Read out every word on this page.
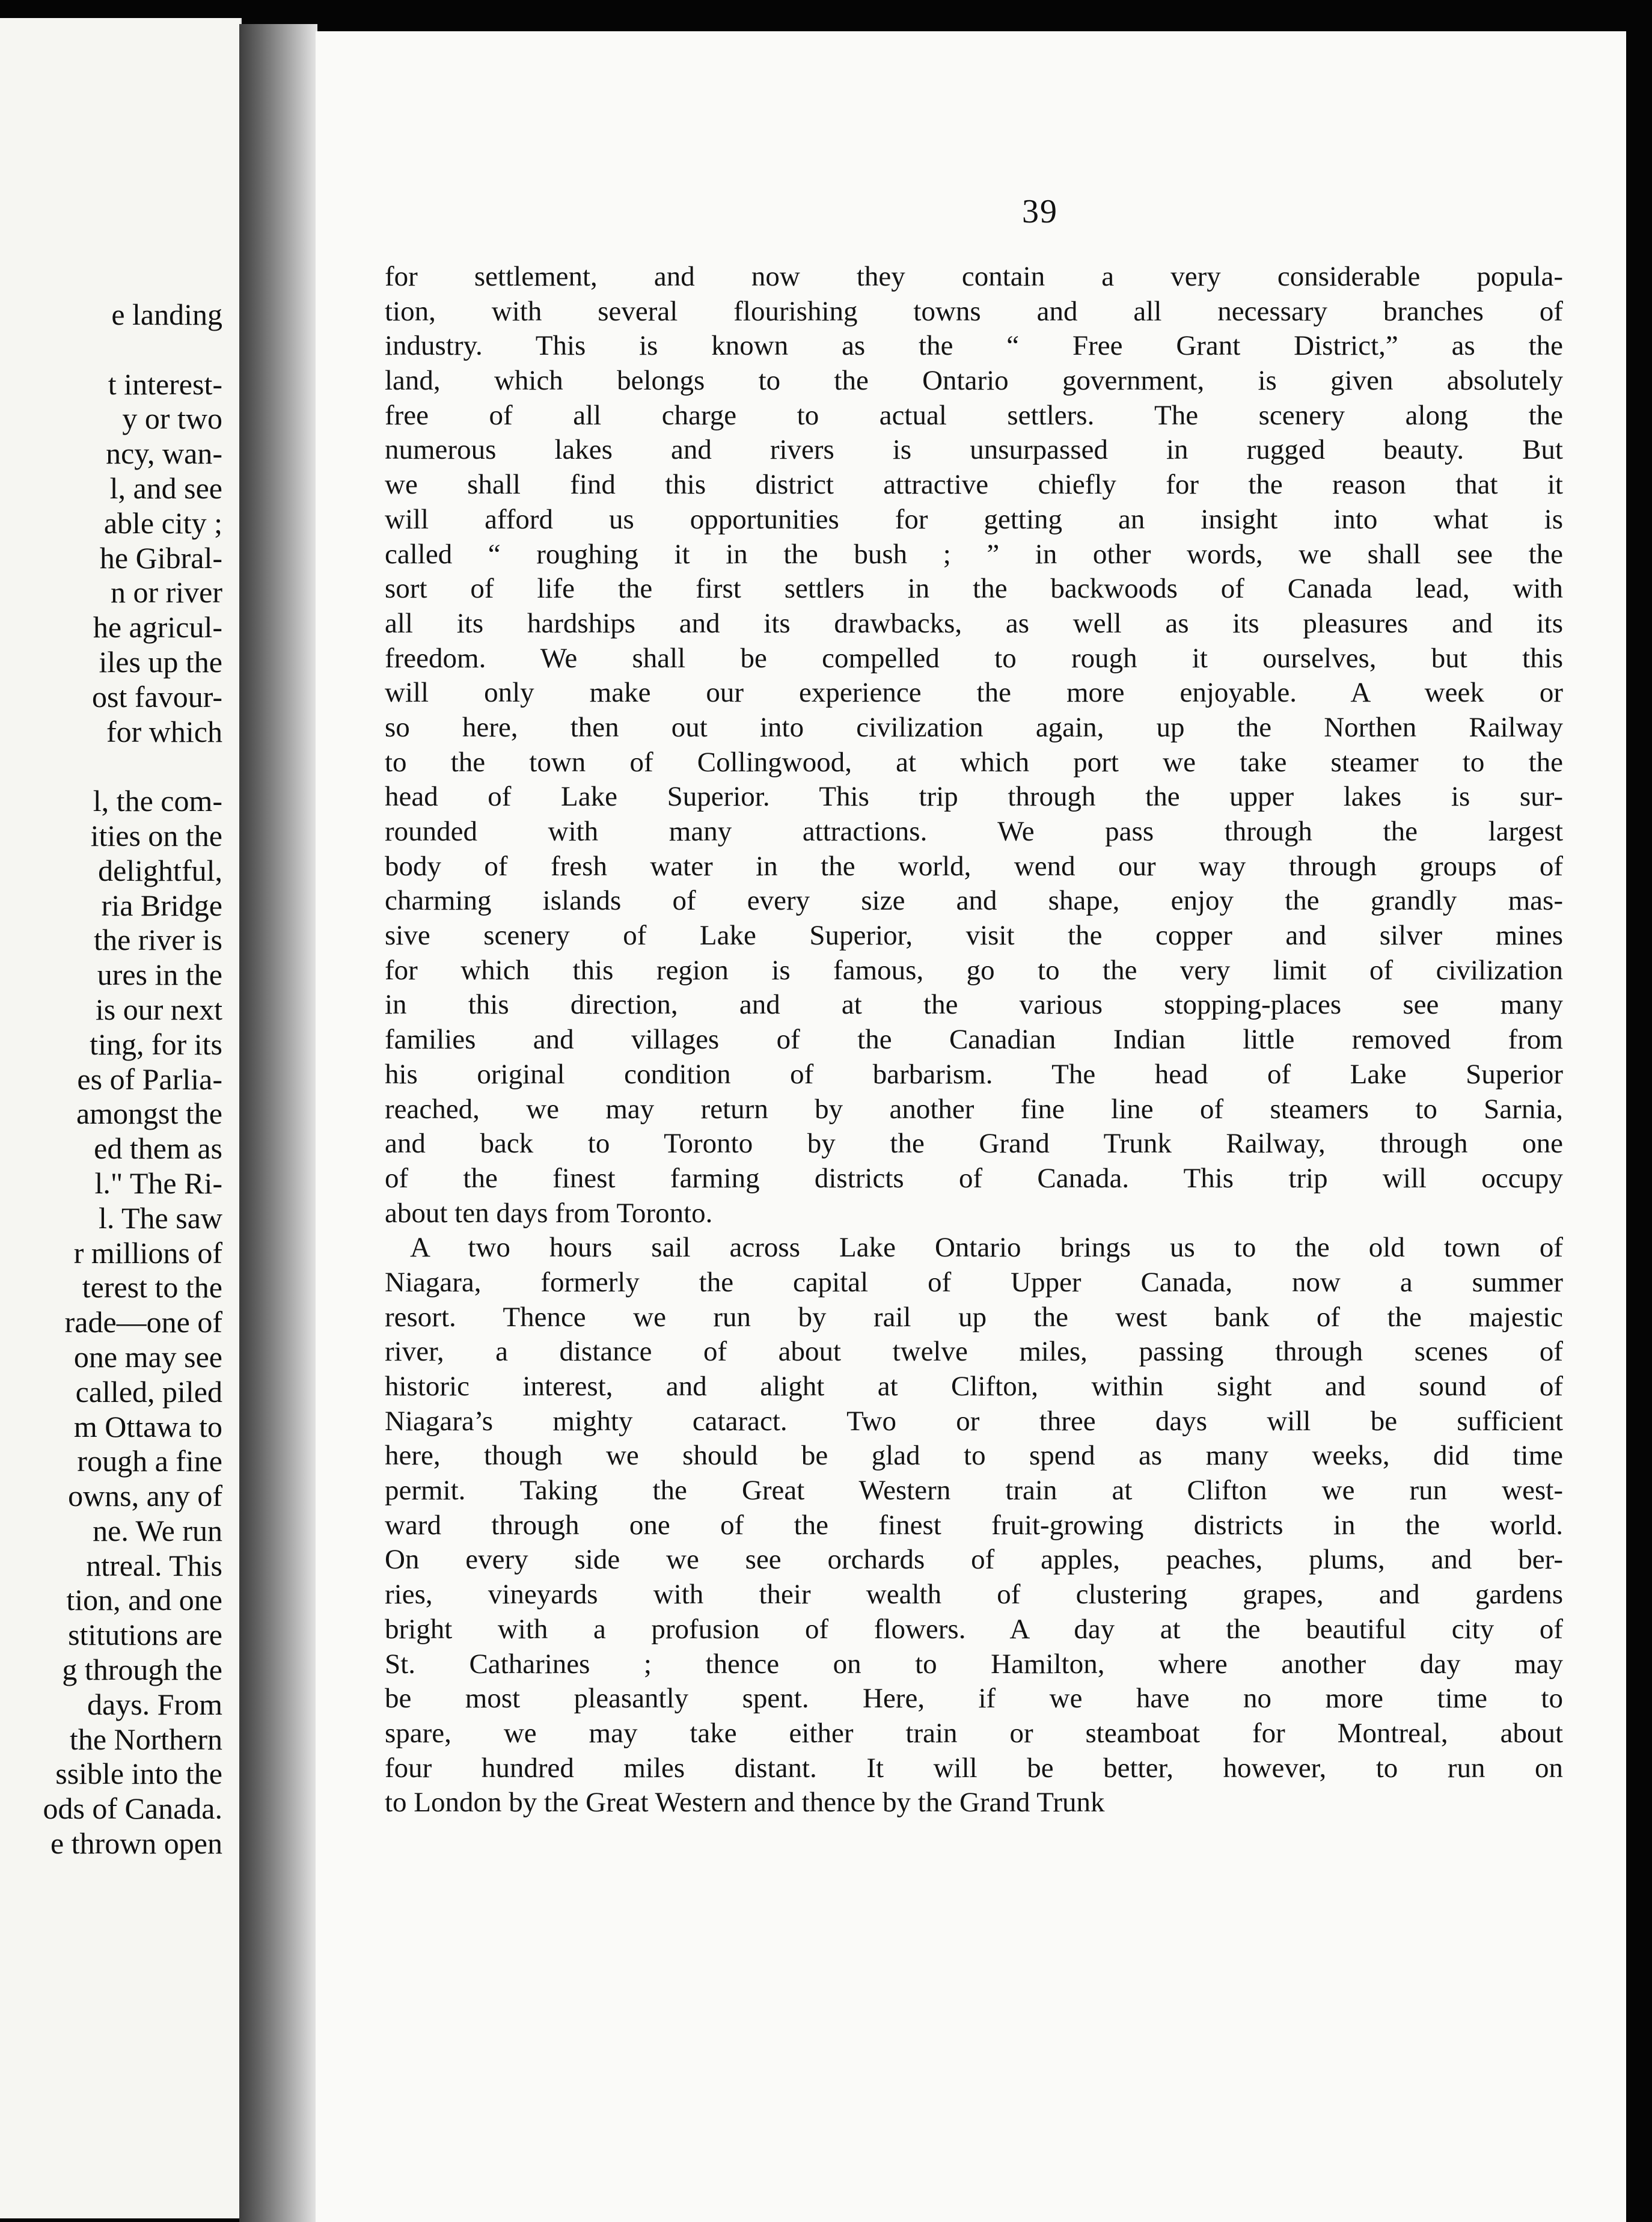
e landing
t interest-
y or two
ncy, wan-
l, and see
able city ;
he Gibral-
n or river
he agricul-
iles up the
ost favour-
for which
l, the com-
ities on the
delightful,
ria Bridge
the river is
ures in the
is our next
ting, for its
es of Parlia-
amongst the
ed them as
l." The Ri-
l. The saw
r millions of
terest to the
rade—one of
one may see
called, piled
m Ottawa to
rough a fine
owns, any of
ne. We run
ntreal. This
tion, and one
stitutions are
g through the
days. From
the Northern
ssible into the
ods of Canada.
e thrown open
39
for settlement, and now they contain a very considerable popula-
tion, with several flourishing towns and all necessary branches of
industry. This is known as the “ Free Grant District,” as the
land, which belongs to the Ontario government, is given absolutely
free of all charge to actual settlers. The scenery along the
numerous lakes and rivers is unsurpassed in rugged beauty. But
we shall find this district attractive chiefly for the reason that it
will afford us opportunities for getting an insight into what is
called “ roughing it in the bush ; ” in other words, we shall see the
sort of life the first settlers in the backwoods of Canada lead, with
all its hardships and its drawbacks, as well as its pleasures and its
freedom. We shall be compelled to rough it ourselves, but this
will only make our experience the more enjoyable. A week or
so here, then out into civilization again, up the Northen Railway
to the town of Collingwood, at which port we take steamer to the
head of Lake Superior. This trip through the upper lakes is sur-
rounded with many attractions. We pass through the largest
body of fresh water in the world, wend our way through groups of
charming islands of every size and shape, enjoy the grandly mas-
sive scenery of Lake Superior, visit the copper and silver mines
for which this region is famous, go to the very limit of civilization
in this direction, and at the various stopping-places see many
families and villages of the Canadian Indian little removed from
his original condition of barbarism. The head of Lake Superior
reached, we may return by another fine line of steamers to Sarnia,
and back to Toronto by the Grand Trunk Railway, through one
of the finest farming districts of Canada. This trip will occupy
about ten days from Toronto.
A two hours sail across Lake Ontario brings us to the old town of
Niagara, formerly the capital of Upper Canada, now a summer
resort. Thence we run by rail up the west bank of the majestic
river, a distance of about twelve miles, passing through scenes of
historic interest, and alight at Clifton, within sight and sound of
Niagara’s mighty cataract. Two or three days will be sufficient
here, though we should be glad to spend as many weeks, did time
permit. Taking the Great Western train at Clifton we run west-
ward through one of the finest fruit-growing districts in the world.
On every side we see orchards of apples, peaches, plums, and ber-
ries, vineyards with their wealth of clustering grapes, and gardens
bright with a profusion of flowers. A day at the beautiful city of
St. Catharines ; thence on to Hamilton, where another day may
be most pleasantly spent. Here, if we have no more time to
spare, we may take either train or steamboat for Montreal, about
four hundred miles distant. It will be better, however, to run on
to London by the Great Western and thence by the Grand Trunk
